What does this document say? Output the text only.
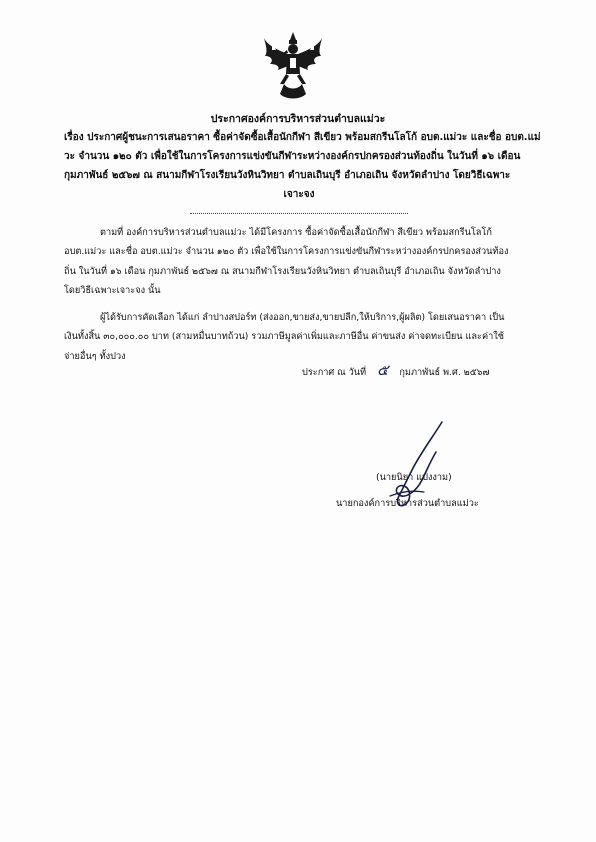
ประกาศองค์การบริหารส่วนตำบลแม่วะ
เรื่อง ประกาศผู้ชนะการเสนอราคา ซื้อค่าจัดซื้อเสื้อนักกีฬา สีเขียว พร้อมสกรีนโลโก้ อบต.แม่วะ และชื่อ อบต.แม่
วะ จำนวน ๑๒๐ ตัว เพื่อใช้ในการโครงการแข่งขันกีฬาระหว่างองค์กรปกครองส่วนท้องถิ่น ในวันที่ ๑๖ เดือน
กุมภาพันธ์ ๒๕๖๗ ณ สนามกีฬาโรงเรียนวังหินวิทยา ตำบลเถินบุรี อำเภอเถิน จังหวัดลำปาง โดยวิธีเฉพาะ
เจาะจง
ตามที่ องค์การบริหารส่วนตำบลแม่วะ ได้มีโครงการ ซื้อค่าจัดซื้อเสื้อนักกีฬา สีเขียว พร้อมสกรีนโลโก้
อบต.แม่วะ และชื่อ อบต.แม่วะ จำนวน ๑๒๐ ตัว เพื่อใช้ในการโครงการแข่งขันกีฬาระหว่างองค์กรปกครองส่วนท้อง
ถิ่น ในวันที่ ๑๖ เดือน กุมภาพันธ์ ๒๕๖๗ ณ สนามกีฬาโรงเรียนวังหินวิทยา ตำบลเถินบุรี อำเภอเถิน จังหวัดลำปาง
โดยวิธีเฉพาะเจาะจง นั้น
ผู้ได้รับการคัดเลือก ได้แก่ ลำปางสปอร์ท (ส่งออก,ขายส่ง,ขายปลีก,ให้บริการ,ผู้ผลิต) โดยเสนอราคา เป็น
เงินทั้งสิ้น ๓๐,๐๐๐.๐๐ บาท (สามหมื่นบาทถ้วน) รวมภาษีมูลค่าเพิ่มและภาษีอื่น ค่าขนส่ง ค่าจดทะเบียน และค่าใช้
จ่ายอื่นๆ ทั้งปวง
ประกาศ ณ วันที่ ๕ กุมภาพันธ์ พ.ศ. ๒๕๖๗
(นายนิยา แปงงาม)
นายกองค์การบริหารส่วนตำบลแม่วะ
